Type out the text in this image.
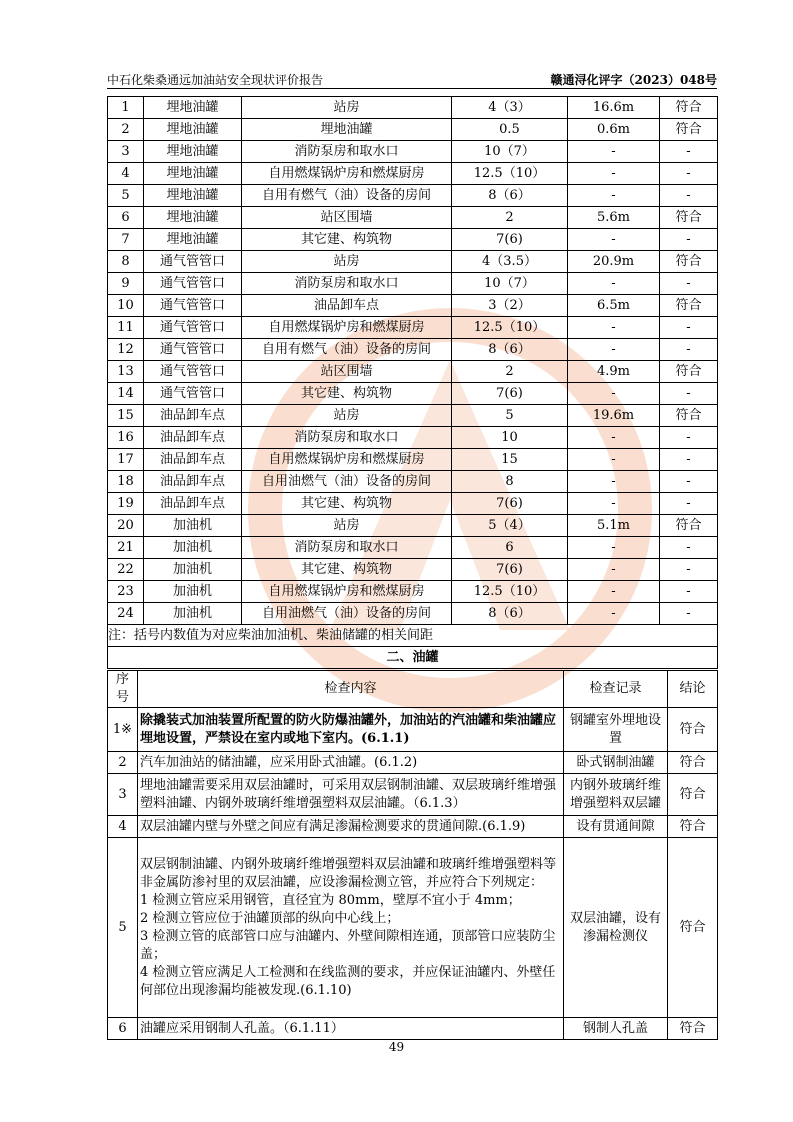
中石化柴桑通远加油站安全现状评价报告	赣通浔化评字（2023）048号
1	埋地油罐	站房	4（3）	16.6m	符合
2	埋地油罐	埋地油罐	0.5	0.6m	符合
3	埋地油罐	消防泵房和取水口	10（7）	-	-
4	埋地油罐	自用燃煤锅炉房和燃煤厨房	12.5（10）	-	-
5	埋地油罐	自用有燃气（油）设备的房间	8（6）	-	-
6	埋地油罐	站区围墙	2	5.6m	符合
7	埋地油罐	其它建、构筑物	7(6)	-	-
8	通气管管口	站房	4（3.5）	20.9m	符合
9	通气管管口	消防泵房和取水口	10（7）	-	-
10	通气管管口	油品卸车点	3（2）	6.5m	符合
11	通气管管口	自用燃煤锅炉房和燃煤厨房	12.5（10）	-	-
12	通气管管口	自用有燃气（油）设备的房间	8（6）	-	-
13	通气管管口	站区围墙	2	4.9m	符合
14	通气管管口	其它建、构筑物	7(6)	-	-
15	油品卸车点	站房	5	19.6m	符合
16	油品卸车点	消防泵房和取水口	10	-	-
17	油品卸车点	自用燃煤锅炉房和燃煤厨房	15	-	-
18	油品卸车点	自用油燃气（油）设备的房间	8	-	-
19	油品卸车点	其它建、构筑物	7(6)	-	-
20	加油机	站房	5（4）	5.1m	符合
21	加油机	消防泵房和取水口	6	-	-
22	加油机	其它建、构筑物	7(6)	-	-
23	加油机	自用燃煤锅炉房和燃煤厨房	12.5（10）	-	-
24	加油机	自用油燃气（油）设备的房间	8（6）	-	-
注：括号内数值为对应柴油加油机、柴油储罐的相关间距					
二、油罐					
序号	检查内容	检查记录	结论
1※	除撬装式加油装置所配置的防火防爆油罐外，加油站的汽油罐和柴油罐应埋地设置，严禁设在室内或地下室内。(6.1.1)	钢罐室外埋地设置	符合
2	汽车加油站的储油罐，应采用卧式油罐。(6.1.2)	卧式钢制油罐	符合
3	埋地油罐需要采用双层油罐时，可采用双层钢制油罐、双层玻璃纤维增强塑料油罐、内钢外玻璃纤维增强塑料双层油罐。（6.1.3）	内钢外玻璃纤维增强塑料双层罐	符合
4	双层油罐内壁与外壁之间应有满足渗漏检测要求的贯通间隙.(6.1.9)	设有贯通间隙	符合
5	双层钢制油罐、内钢外玻璃纤维增强塑料双层油罐和玻璃纤维增强塑料等非金属防渗衬里的双层油罐，应设渗漏检测立管，并应符合下列规定：
1 检测立管应采用钢管，直径宜为 80mm，壁厚不宜小于 4mm；
2 检测立管应位于油罐顶部的纵向中心线上；
3 检测立管的底部管口应与油罐内、外壁间隙相连通，顶部管口应装防尘盖；
4 检测立管应满足人工检测和在线监测的要求，并应保证油罐内、外壁任何部位出现渗漏均能被发现.(6.1.10)	双层油罐，设有渗漏检测仪	符合
6	油罐应采用钢制人孔盖。（6.1.11）	钢制人孔盖	符合
49
